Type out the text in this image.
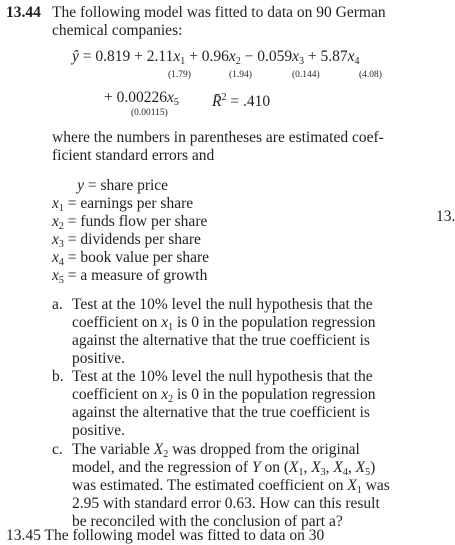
13.44 The following model was fitted to data on 90 German
chemical companies:
ŷ = $0.819 + 2.11x_1 + 0.96x_2 - 0.059x_3 + 5.87x_4$
(1.79)	(1.94)	(0.144)	(4.08)
+ $0.00226x_5$ R̄$^2$ = .410
(0.00115)
where the numbers in parentheses are estimated coef-
ficient standard errors and
y = share price
$x_1$ = earnings per share
$x_2$ = funds flow per share
$x_3$ = dividends per share
$x_4$ = book value per share
$x_5 = a$ measure of growth
13.
a. Test at the 10% level the null hypothesis that the
coefficient on $x_1$ is 0 in the population regression
against the alternative that the true coefficient is
positive.
b. Test at the 10% level the null hypothesis that the
coefficient on $x_2$ is 0 in the population regression
against the alternative that the true coefficient is
positive.
c. The variable $X_2$ was dropped from the original
model, and the regression of Y on ($X_1$, $X_3$, $X_4$, $X_5$)
was estimated. The estimated coefficient on $X_1$ was
2.95 with standard error 0.63. How can this result
be reconciled with the conclusion of part a?
13.45 The following model was fitted to data on 30
